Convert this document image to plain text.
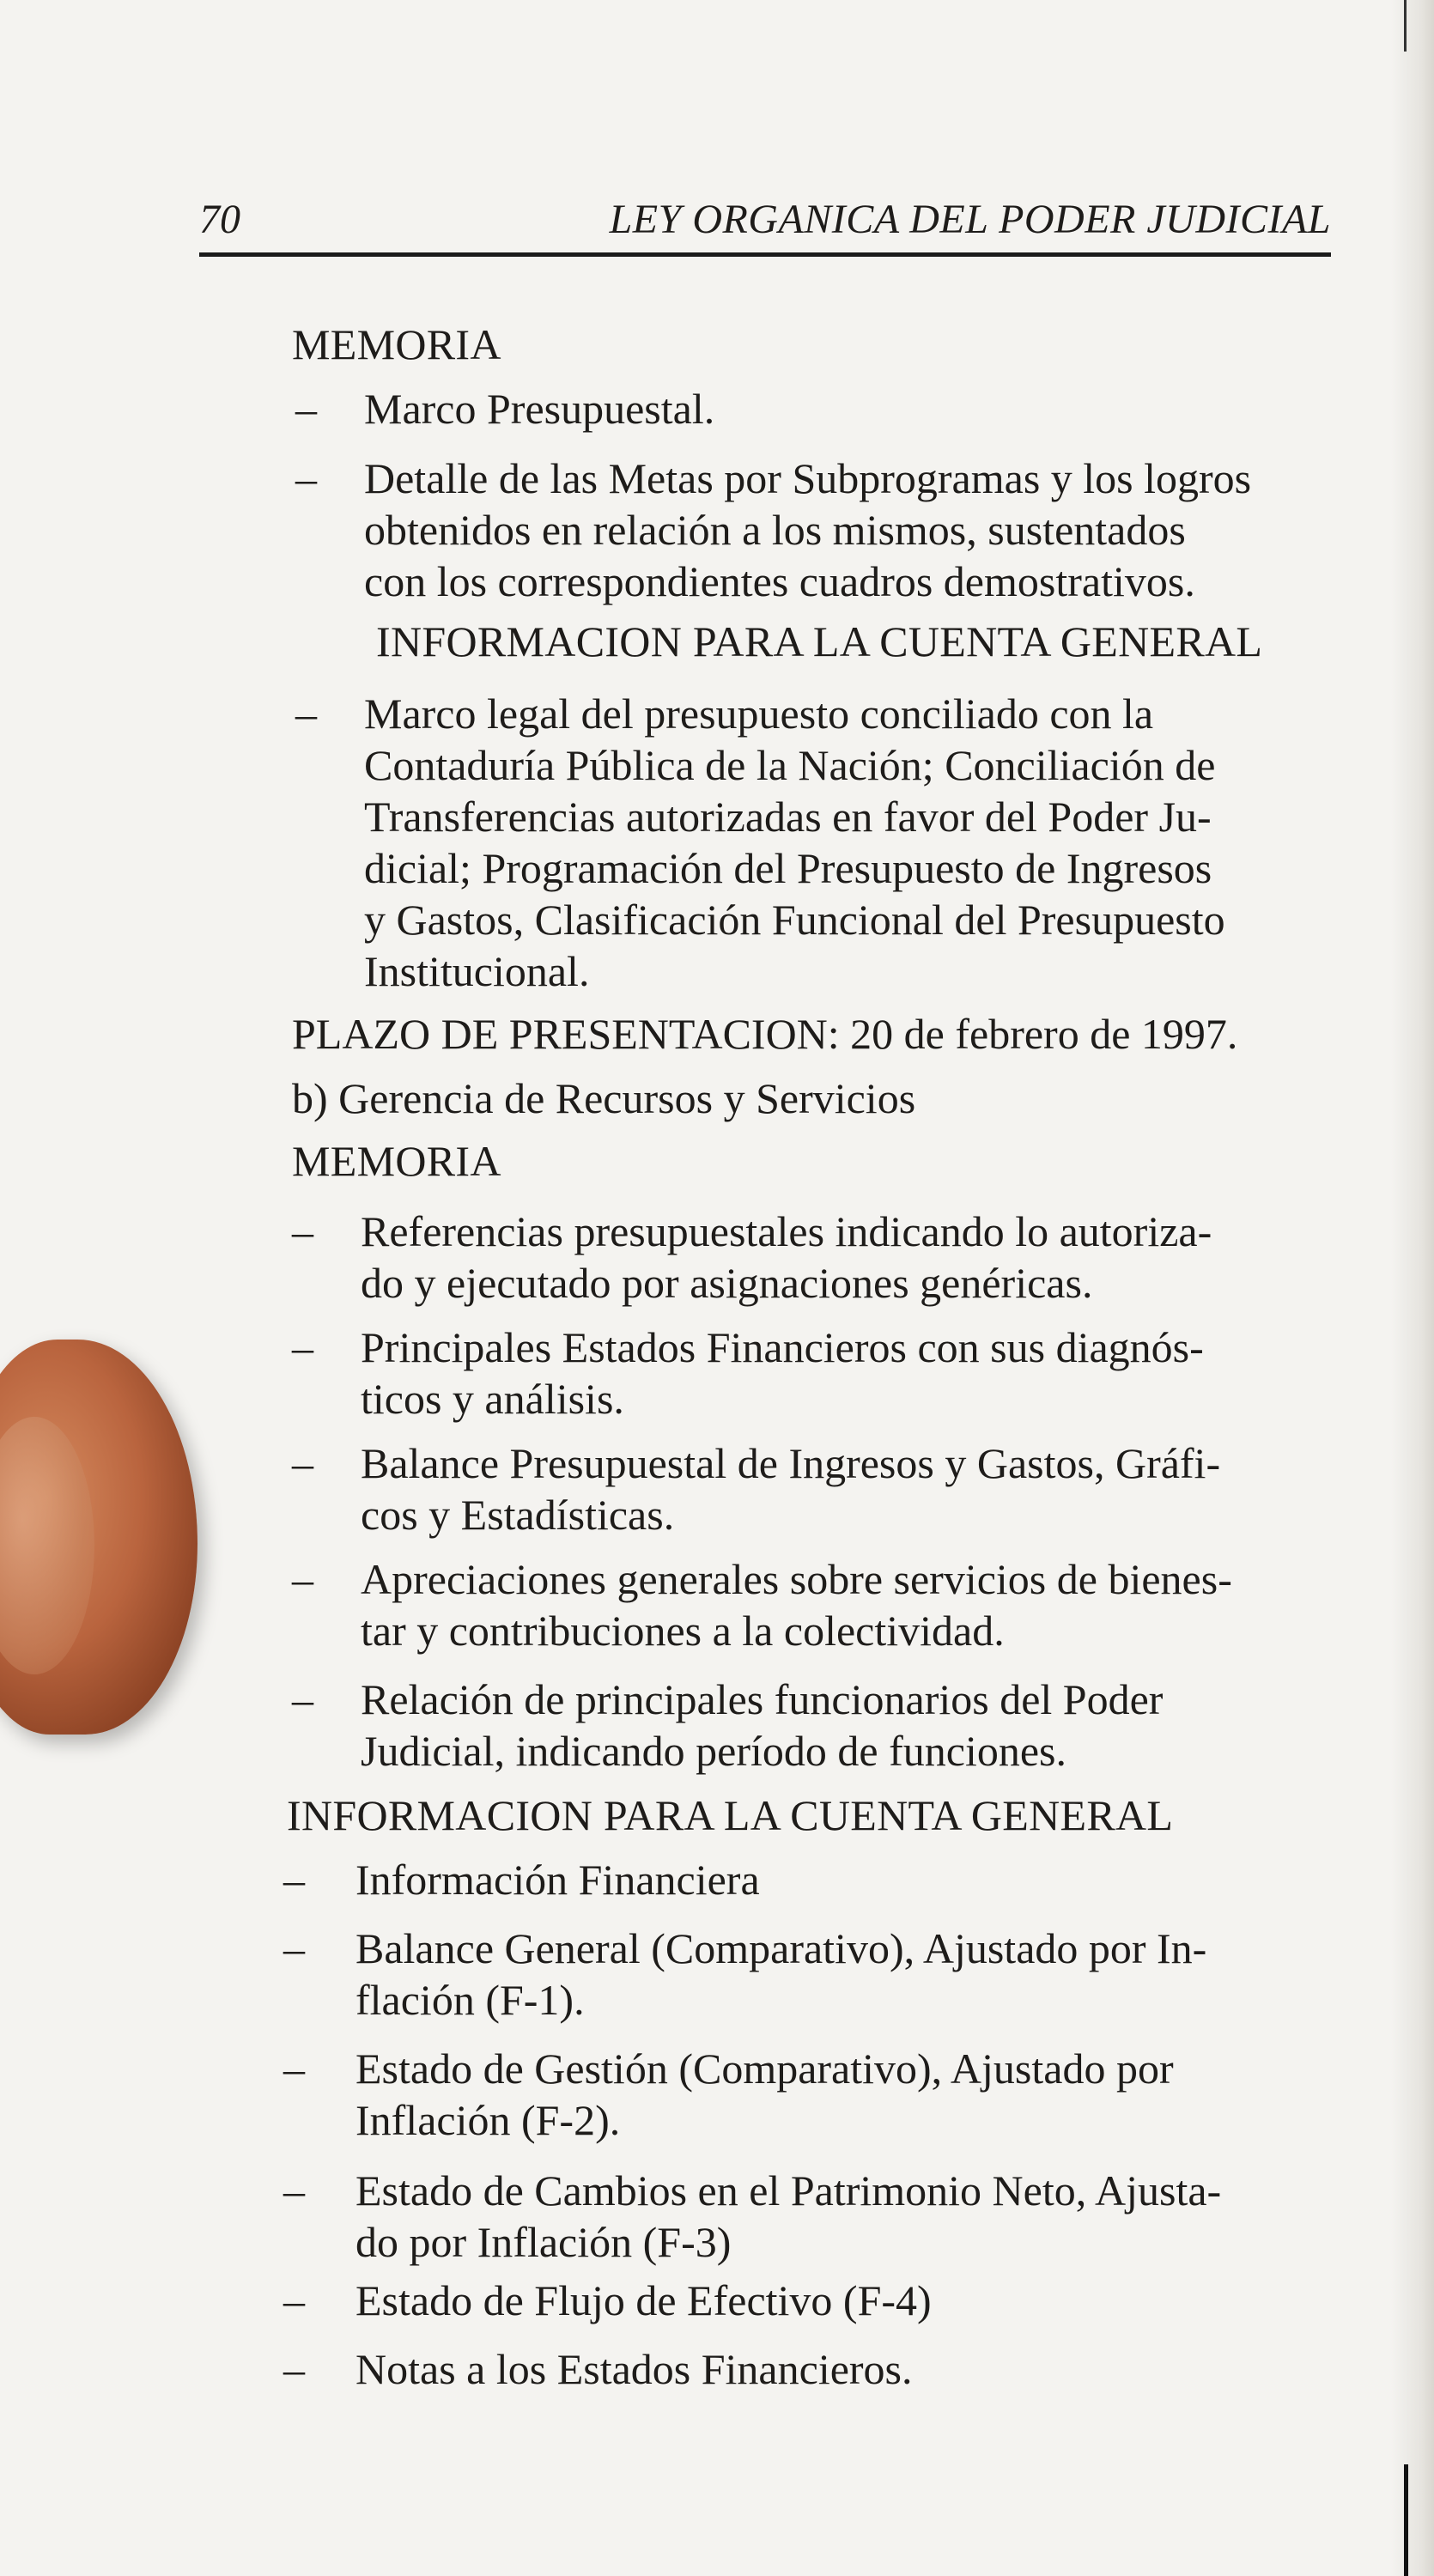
70	LEY ORGANICA DEL PODER JUDICIAL
MEMORIA
– Marco Presupuestal.
– Detalle de las Metas por Subprogramas y los logros
obtenidos en relación a los mismos, sustentados
con los correspondientes cuadros demostrativos.
INFORMACION PARA LA CUENTA GENERAL
– Marco legal del presupuesto conciliado con la
Contaduría Pública de la Nación; Conciliación de
Transferencias autorizadas en favor del Poder Ju-
dicial; Programación del Presupuesto de Ingresos
y Gastos, Clasificación Funcional del Presupuesto
Institucional.
PLAZO DE PRESENTACION: 20 de febrero de 1997.
b) Gerencia de Recursos y Servicios
MEMORIA
– Referencias presupuestales indicando lo autoriza-
do y ejecutado por asignaciones genéricas.
– Principales Estados Financieros con sus diagnós-
ticos y análisis.
– Balance Presupuestal de Ingresos y Gastos, Gráfi-
cos y Estadísticas.
– Apreciaciones generales sobre servicios de bienes-
tar y contribuciones a la colectividad.
– Relación de principales funcionarios del Poder
Judicial, indicando período de funciones.
INFORMACION PARA LA CUENTA GENERAL
– Información Financiera
– Balance General (Comparativo), Ajustado por In-
flación (F-1).
– Estado de Gestión (Comparativo), Ajustado por
Inflación (F-2).
– Estado de Cambios en el Patrimonio Neto, Ajusta-
do por Inflación (F-3)
– Estado de Flujo de Efectivo (F-4)
– Notas a los Estados Financieros.
